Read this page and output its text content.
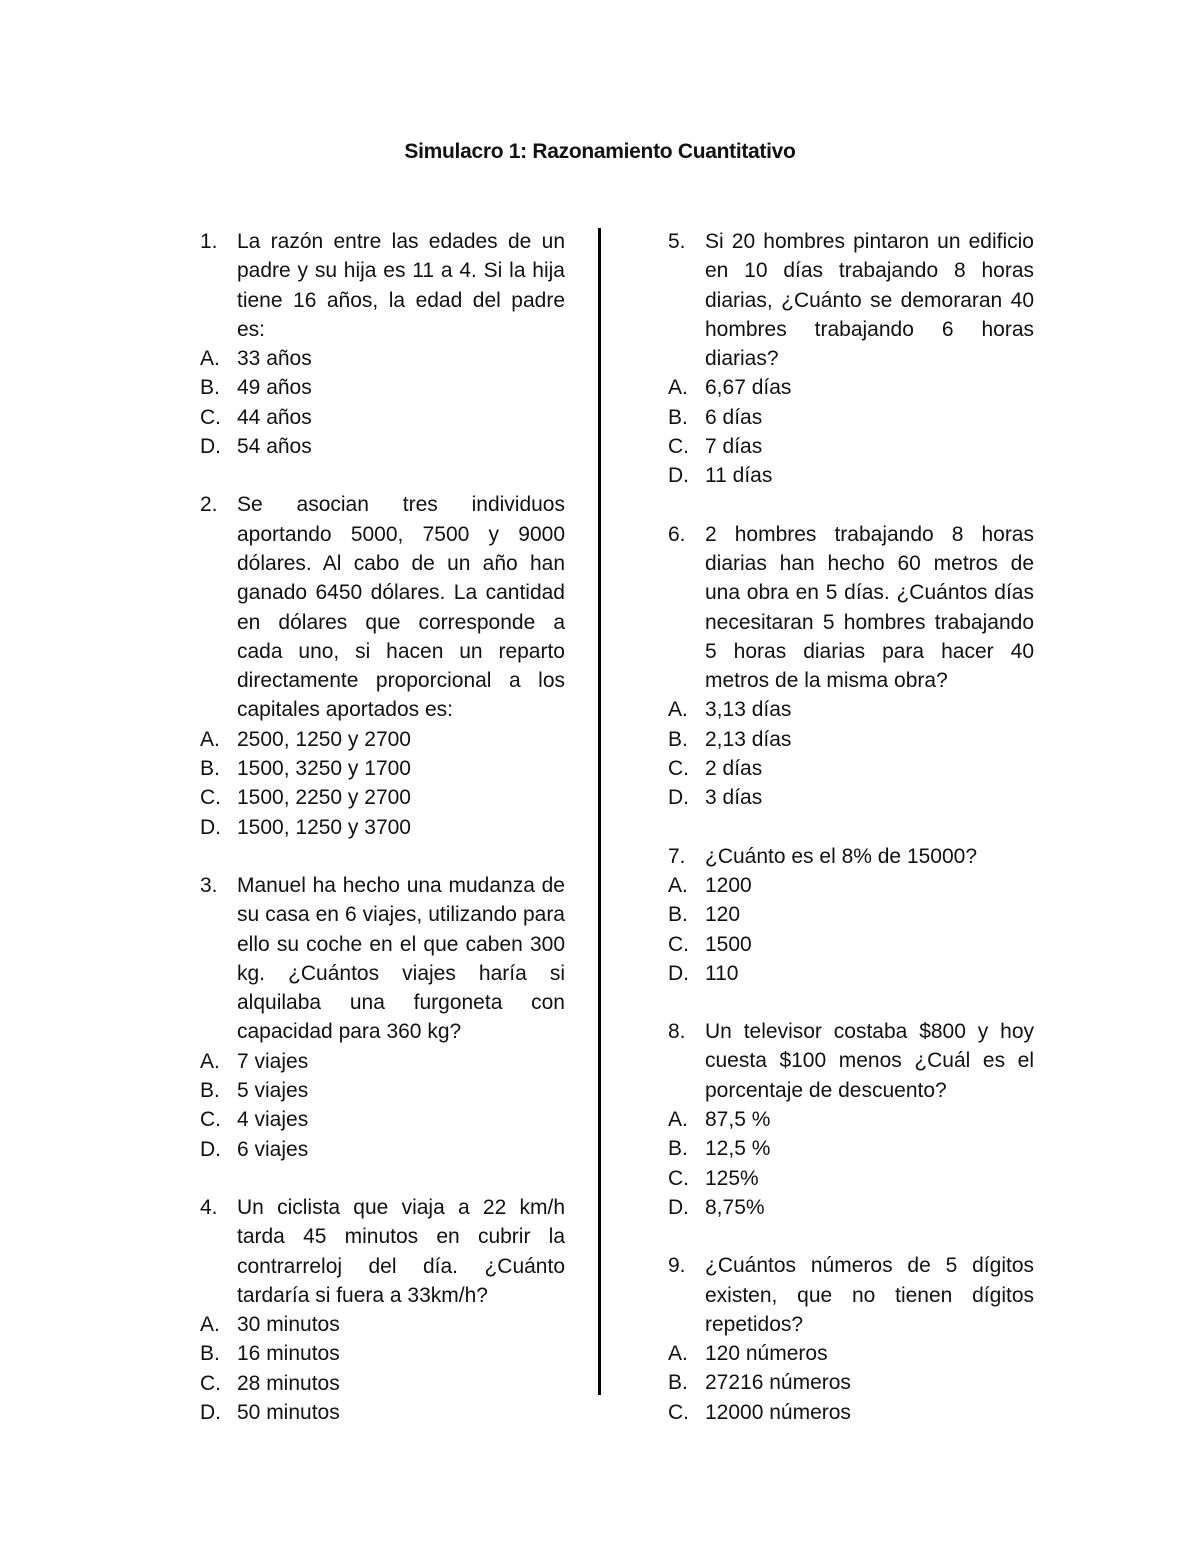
Simulacro 1: Razonamiento Cuantitativo
1. La razón entre las edades de un padre y su hija es 11 a 4. Si la hija tiene 16 años, la edad del padre es:
A. 33 años
B. 49 años
C. 44 años
D. 54 años
2. Se asocian tres individuos aportando 5000, 7500 y 9000 dólares. Al cabo de un año han ganado 6450 dólares. La cantidad en dólares que corresponde a cada uno, si hacen un reparto directamente proporcional a los capitales aportados es:
A. 2500, 1250 y 2700
B. 1500, 3250 y 1700
C. 1500, 2250 y 2700
D. 1500, 1250 y 3700
3. Manuel ha hecho una mudanza de su casa en 6 viajes, utilizando para ello su coche en el que caben 300 kg. ¿Cuántos viajes haría si alquilaba una furgoneta con capacidad para 360 kg?
A. 7 viajes
B. 5 viajes
C. 4 viajes
D. 6 viajes
4. Un ciclista que viaja a 22 km/h tarda 45 minutos en cubrir la contrarreloj del día. ¿Cuánto tardaría si fuera a 33km/h?
A. 30 minutos
B. 16 minutos
C. 28 minutos
D. 50 minutos
5. Si 20 hombres pintaron un edificio en 10 días trabajando 8 horas diarias, ¿Cuánto se demoraran 40 hombres trabajando 6 horas diarias?
A. 6,67 días
B. 6 días
C. 7 días
D. 11 días
6. 2 hombres trabajando 8 horas diarias han hecho 60 metros de una obra en 5 días. ¿Cuántos días necesitaran 5 hombres trabajando 5 horas diarias para hacer 40 metros de la misma obra?
A. 3,13 días
B. 2,13 días
C. 2 días
D. 3 días
7. ¿Cuánto es el 8% de 15000?
A. 1200
B. 120
C. 1500
D. 110
8. Un televisor costaba $800 y hoy cuesta $100 menos ¿Cuál es el porcentaje de descuento?
A. 87,5 %
B. 12,5 %
C. 125%
D. 8,75%
9. ¿Cuántos números de 5 dígitos existen, que no tienen dígitos repetidos?
A. 120 números
B. 27216 números
C. 12000 números
